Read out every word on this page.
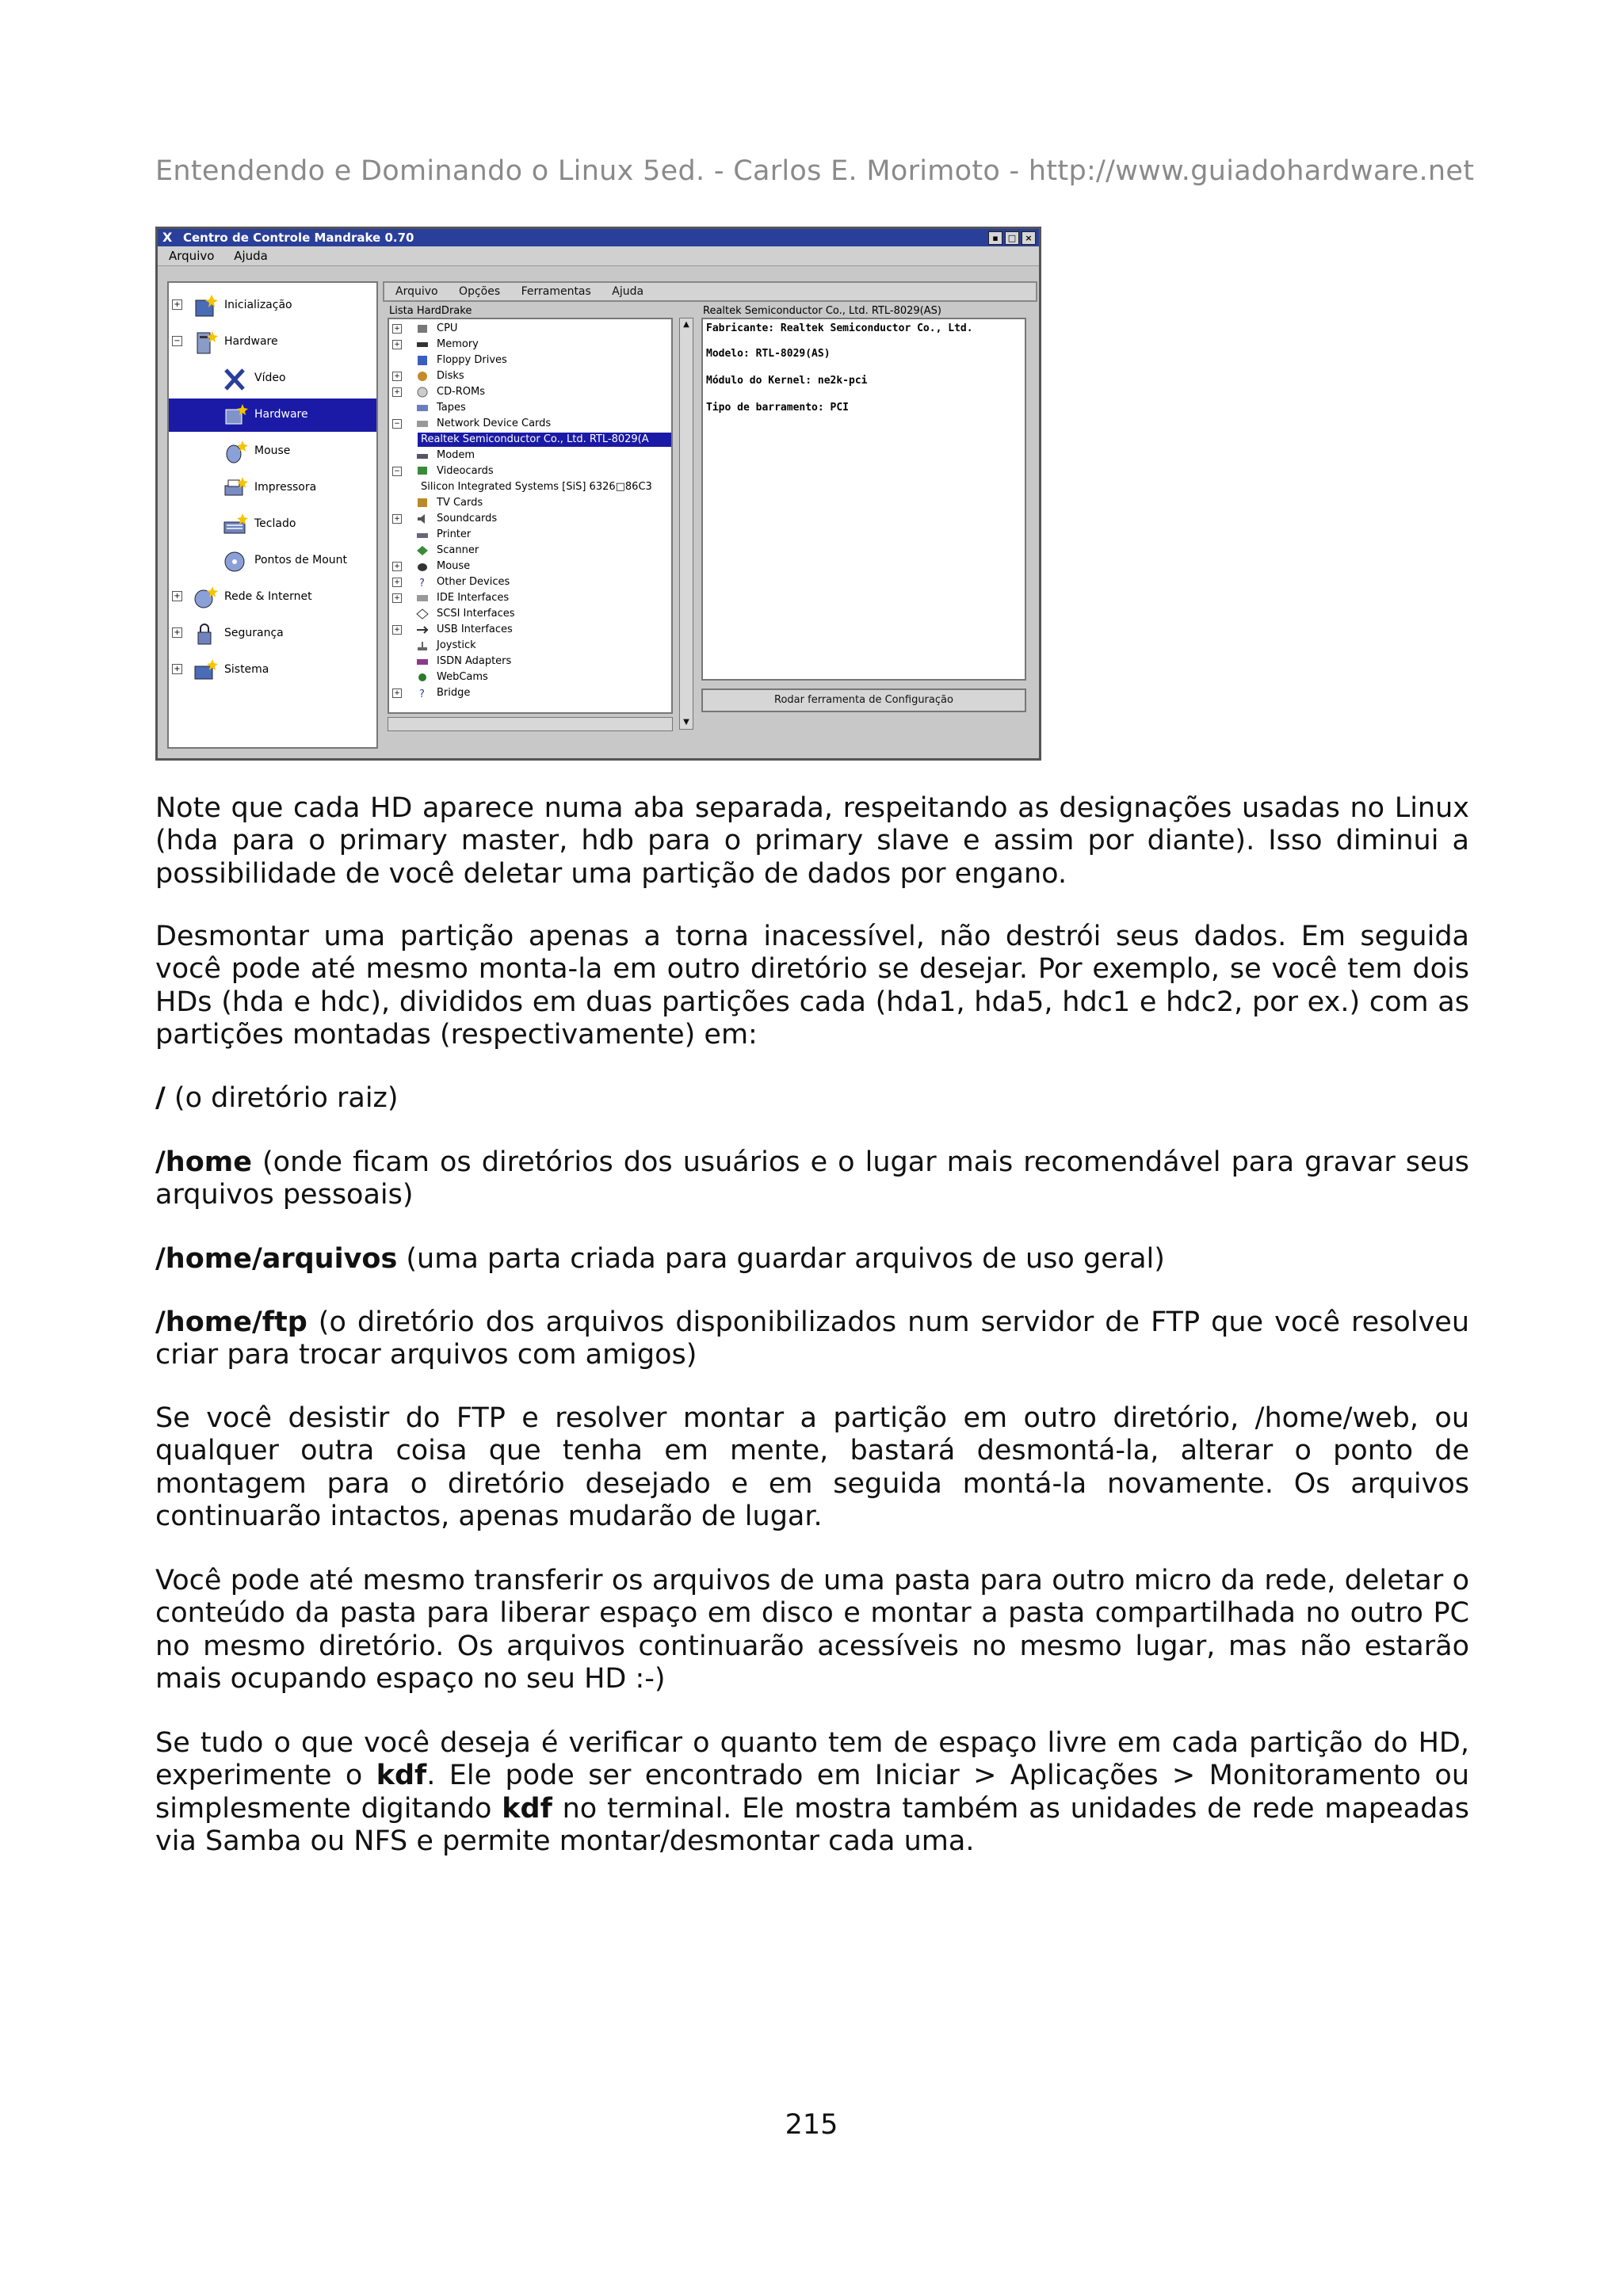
Entendendo e Dominando o Linux 5ed. - Carlos E. Morimoto - http://www.guiadohardware.net
X Centro de Controle Mandrake 0.70	▪	□	×
Arquivo Ajuda
+	Inicialização
−	Hardware
Vídeo
Hardware
Mouse
Impressora
Teclado
Pontos de Mount
+	Rede & Internet
+	Segurança
+	Sistema
Arquivo Opções Ferramentas Ajuda
Lista HardDrake	Realtek Semiconductor Co., Ltd. RTL-8029(AS)
+	CPU
+	Memory
Floppy Drives
+	Disks
+	CD-ROMs
Tapes
−	Network Device Cards
Realtek Semiconductor Co., Ltd. RTL-8029(A
Modem
−	Videocards
Silicon Integrated Systems [SiS] 6326□86C3
TV Cards
+	Soundcards
Printer
Scanner
+	Mouse
+ ? Other Devices
+	IDE Interfaces
SCSI Interfaces
+	USB Interfaces
Joystick
ISDN Adapters
WebCams
+ ? Bridge
▲
▼
Fabricante: Realtek Semiconductor Co., Ltd.
Modelo: RTL-8029(AS)
Módulo do Kernel: ne2k-pci
Tipo de barramento: PCI
Rodar ferramenta de Configuração

Note que cada HD aparece numa aba separada, respeitando as designações usadas no Linux (hda para o primary master, hdb para o primary slave e assim por diante). Isso diminui a possibilidade de você deletar uma partição de dados por engano.

Desmontar uma partição apenas a torna inacessível, não destrói seus dados. Em seguida você pode até mesmo monta-la em outro diretório se desejar. Por exemplo, se você tem dois HDs (hda e hdc), divididos em duas partições cada (hda1, hda5, hdc1 e hdc2, por ex.) com as partições montadas (respectivamente) em:

/ (o diretório raiz)

/home (onde ficam os diretórios dos usuários e o lugar mais recomendável para gravar seus arquivos pessoais)

/home/arquivos (uma parta criada para guardar arquivos de uso geral)

/home/ftp (o diretório dos arquivos disponibilizados num servidor de FTP que você resolveu criar para trocar arquivos com amigos)

Se você desistir do FTP e resolver montar a partição em outro diretório, /home/web, ou qualquer outra coisa que tenha em mente, bastará desmontá-la, alterar o ponto de montagem para o diretório desejado e em seguida montá-la novamente. Os arquivos continuarão intactos, apenas mudarão de lugar.

Você pode até mesmo transferir os arquivos de uma pasta para outro micro da rede, deletar o conteúdo da pasta para liberar espaço em disco e montar a pasta compartilhada no outro PC no mesmo diretório. Os arquivos continuarão acessíveis no mesmo lugar, mas não estarão mais ocupando espaço no seu HD :-)

Se tudo o que você deseja é verificar o quanto tem de espaço livre em cada partição do HD, experimente o kdf. Ele pode ser encontrado em Iniciar > Aplicações > Monitoramento ou simplesmente digitando kdf no terminal. Ele mostra também as unidades de rede mapeadas via Samba ou NFS e permite montar/desmontar cada uma.

215
